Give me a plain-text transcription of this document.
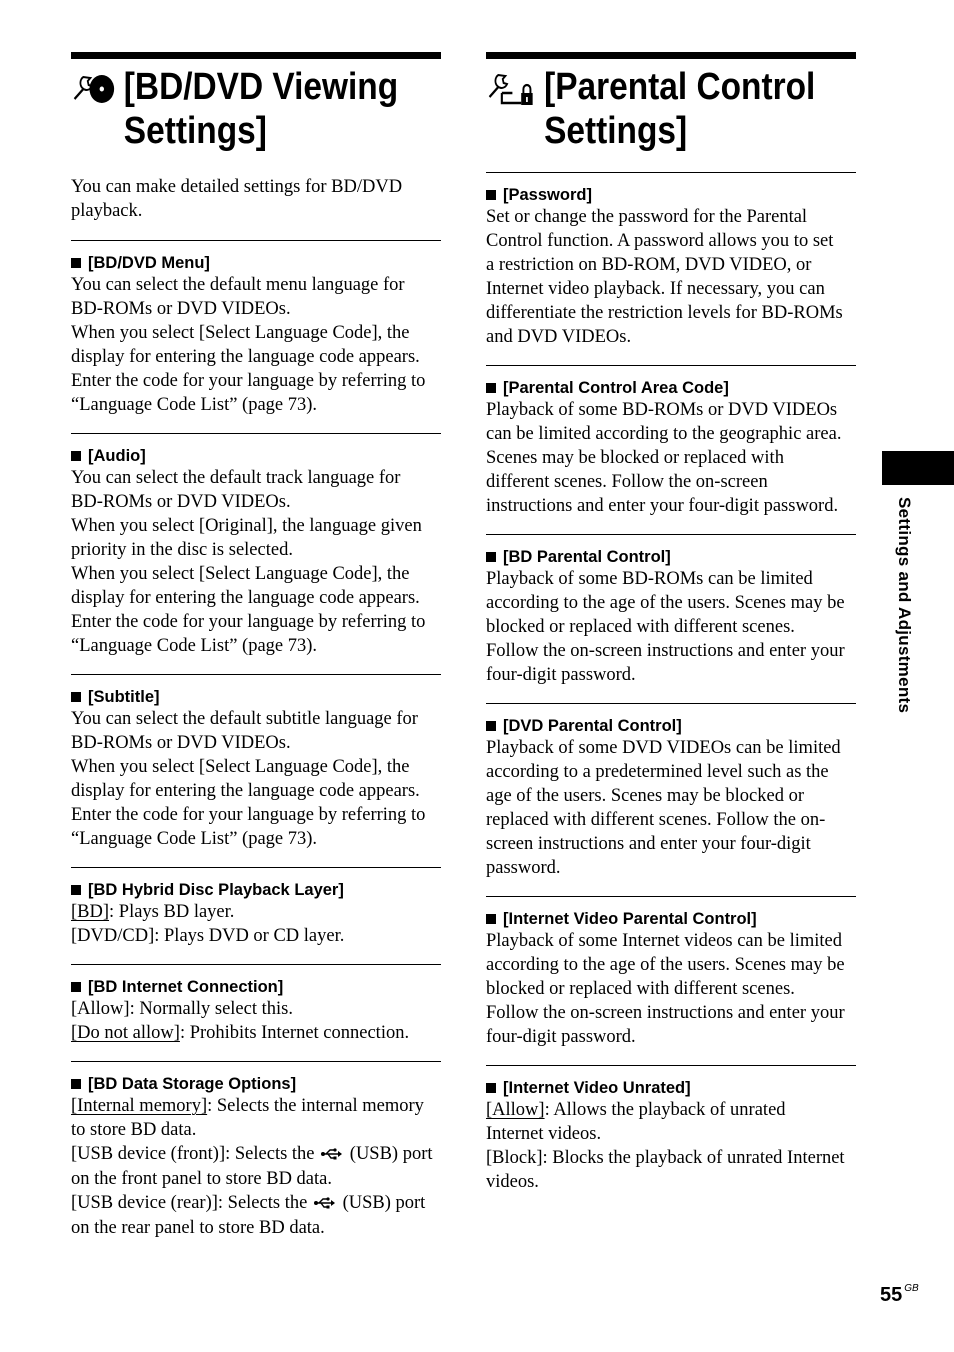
[BD/DVD Viewing
Settings]
You can make detailed settings for BD/DVD
playback.
[BD/DVD Menu]
You can select the default menu language for
BD-ROMs or DVD VIDEOs.
When you select [Select Language Code], the
display for entering the language code appears.
Enter the code for your language by referring to
“Language Code List” (page 73).
[Audio]
You can select the default track language for
BD-ROMs or DVD VIDEOs.
When you select [Original], the language given
priority in the disc is selected.
When you select [Select Language Code], the
display for entering the language code appears.
Enter the code for your language by referring to
“Language Code List” (page 73).
[Subtitle]
You can select the default subtitle language for
BD-ROMs or DVD VIDEOs.
When you select [Select Language Code], the
display for entering the language code appears.
Enter the code for your language by referring to
“Language Code List” (page 73).
[BD Hybrid Disc Playback Layer]
[BD]: Plays BD layer.
[DVD/CD]: Plays DVD or CD layer.
[BD Internet Connection]
[Allow]: Normally select this.
[Do not allow]: Prohibits Internet connection.
[BD Data Storage Options]
[Internal memory]: Selects the internal memory
to store BD data.
[USB device (front)]: Selects the  (USB) port
on the front panel to store BD data.
[USB device (rear)]: Selects the  (USB) port
on the rear panel to store BD data.
[Parental Control
Settings]
[Password]
Set or change the password for the Parental
Control function. A password allows you to set
a restriction on BD-ROM, DVD VIDEO, or
Internet video playback. If necessary, you can
differentiate the restriction levels for BD-ROMs
and DVD VIDEOs.
[Parental Control Area Code]
Playback of some BD-ROMs or DVD VIDEOs
can be limited according to the geographic area.
Scenes may be blocked or replaced with
different scenes. Follow the on-screen
instructions and enter your four-digit password.
[BD Parental Control]
Playback of some BD-ROMs can be limited
according to the age of the users. Scenes may be
blocked or replaced with different scenes.
Follow the on-screen instructions and enter your
four-digit password.
[DVD Parental Control]
Playback of some DVD VIDEOs can be limited
according to a predetermined level such as the
age of the users. Scenes may be blocked or
replaced with different scenes. Follow the on-
screen instructions and enter your four-digit
password.
[Internet Video Parental Control]
Playback of some Internet videos can be limited
according to the age of the users. Scenes may be
blocked or replaced with different scenes.
Follow the on-screen instructions and enter your
four-digit password.
[Internet Video Unrated]
[Allow]: Allows the playback of unrated
Internet videos.
[Block]: Blocks the playback of unrated Internet
videos.
Settings and Adjustments
55 $^{GB}$
